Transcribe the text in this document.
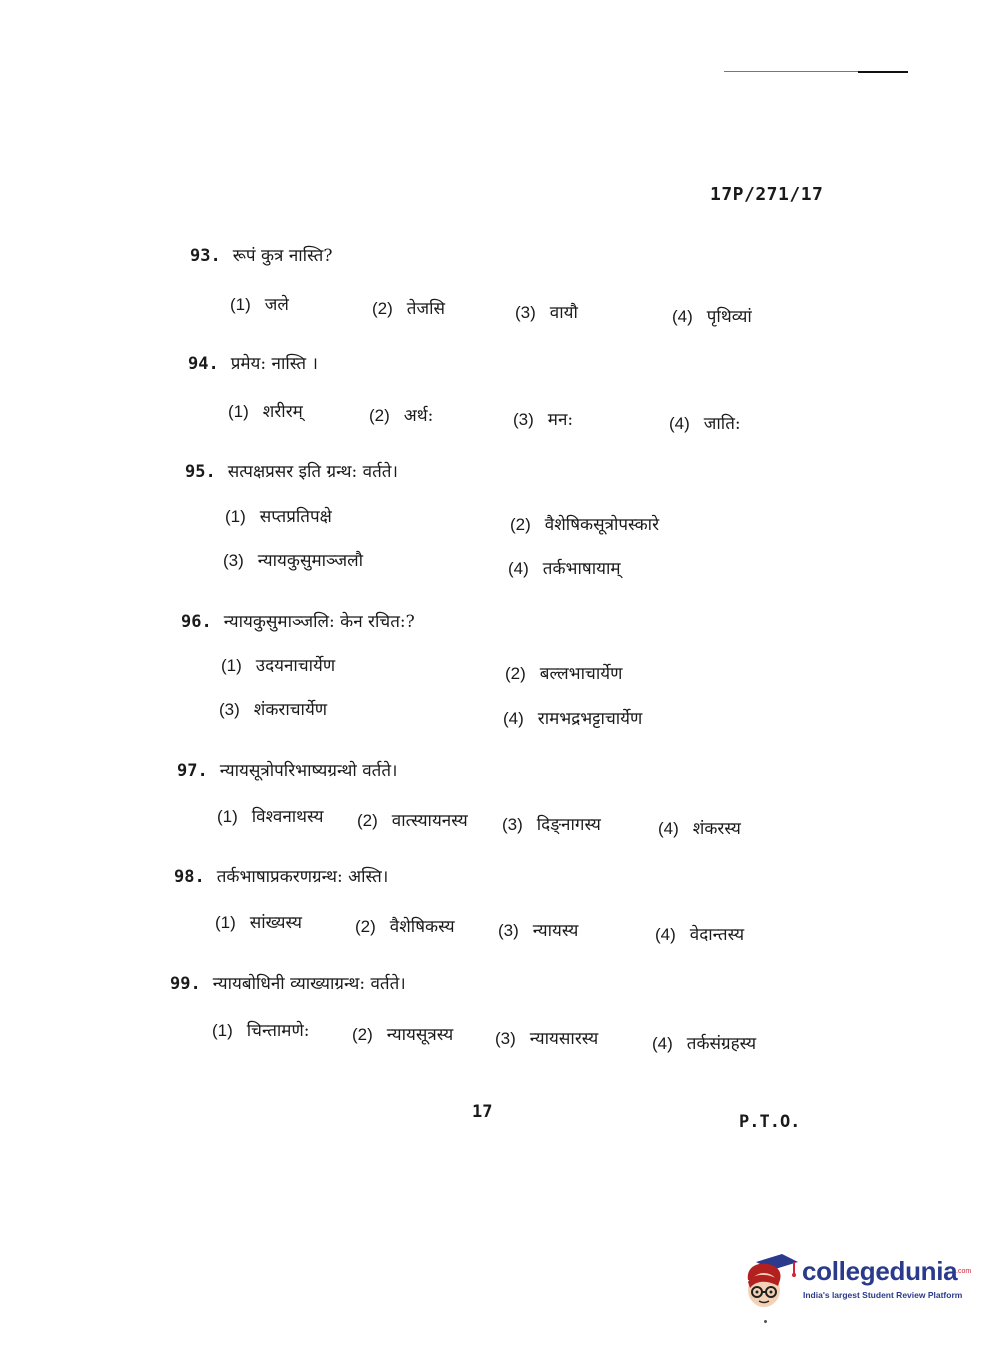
17P/271/17
93. रूपं कुत्र नास्ति?
(1) जले	(2) तेजसि	(3) वायौ	(4) पृथिव्यां
94. प्रमेय: नास्ति ।
(1) शरीरम्	(2) अर्थ:	(3) मन:	(4) जाति:
95. सत्पक्षप्रसर इति ग्रन्थ: वर्तते।
(1) सप्तप्रतिपक्षे	(2) वैशेषिकसूत्रोपस्कारे
(3) न्यायकुसुमाञ्जलौ	(4) तर्कभाषायाम्
96. न्यायकुसुमाञ्जलि: केन रचित:?
(1) उदयनाचार्येण	(2) बल्लभाचार्येण
(3) शंकराचार्येण	(4) रामभद्रभट्टाचार्येण
97. न्यायसूत्रोपरिभाष्यग्रन्थो वर्तते।
(1) विश्वनाथस्य (2) वात्स्यायनस्य (3) दिङ्नागस्य	(4) शंकरस्य
98. तर्कभाषाप्रकरणग्रन्थ: अस्ति।
(1) सांख्यस्य	(2) वैशेषिकस्य	(3) न्यायस्य	(4) वेदान्तस्य
99. न्यायबोधिनी व्याख्याग्रन्थ: वर्तते।
(1) चिन्तामणे:	(2) न्यायसूत्रस्य (3) न्यायसारस्य	(4) तर्कसंग्रहस्य
17	P.T.O.
collegedunia
.com
India's largest Student Review Platform
